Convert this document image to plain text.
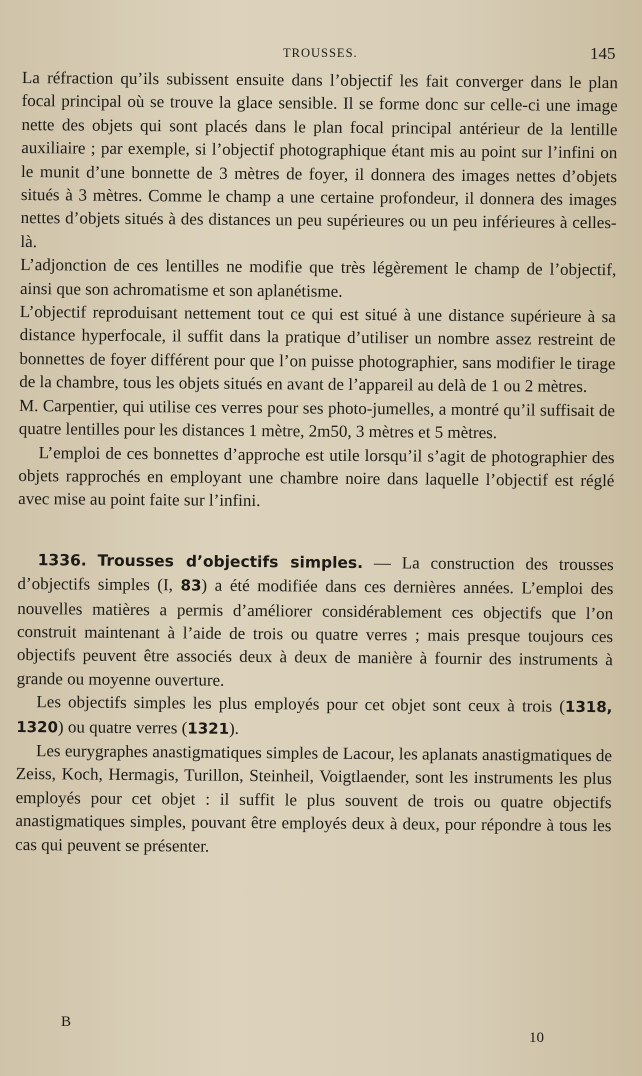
TROUSSES.	145

La réfraction qu’ils subissent ensuite dans l’objectif les fait converger dans le plan focal principal où se trouve la glace sensible. Il se forme donc sur celle-ci une image nette des objets qui sont placés dans le plan focal principal antérieur de la lentille auxiliaire ; par exemple, si l’objectif photographique étant mis au point sur l’infini on le munit d’une bonnette de 3 mètres de foyer, il donnera des images nettes d’objets situés à 3 mètres. Comme le champ a une certaine profondeur, il donnera des images nettes d’objets situés à des distances un peu supérieures ou un peu inférieures à celles-là.

L’adjonction de ces lentilles ne modifie que très légèrement le champ de l’objectif, ainsi que son achromatisme et son aplanétisme.

L’objectif reproduisant nettement tout ce qui est situé à une distance supérieure à sa distance hyperfocale, il suffit dans la pratique d’utiliser un nombre assez restreint de bonnettes de foyer différent pour que l’on puisse photographier, sans modifier le tirage de la chambre, tous les objets situés en avant de l’appareil au delà de 1 ou 2 mètres.

M. Carpentier, qui utilise ces verres pour ses photo-jumelles, a montré qu’il suffisait de quatre lentilles pour les distances 1 mètre, 2m50, 3 mètres et 5 mètres.

L’emploi de ces bonnettes d’approche est utile lorsqu’il s’agit de photographier des objets rapprochés en employant une chambre noire dans laquelle l’objectif est réglé avec mise au point faite sur l’infini.

1336. Trousses d’objectifs simples. — La construction des trousses d’objectifs simples (I, 83) a été modifiée dans ces dernières années. L’emploi des nouvelles matières a permis d’améliorer considérablement ces objectifs que l’on construit maintenant à l’aide de trois ou quatre verres ; mais presque toujours ces objectifs peuvent être associés deux à deux de manière à fournir des instruments à grande ou moyenne ouverture.

Les objectifs simples les plus employés pour cet objet sont ceux à trois (1318, 1320) ou quatre verres (1321).

Les eurygraphes anastigmatiques simples de Lacour, les aplanats anastigmatiques de Zeiss, Koch, Hermagis, Turillon, Steinheil, Voigtlaender, sont les instruments les plus employés pour cet objet : il suffit le plus souvent de trois ou quatre objectifs anastigmatiques simples, pouvant être employés deux à deux, pour répondre à tous les cas qui peuvent se présenter.

B
10
